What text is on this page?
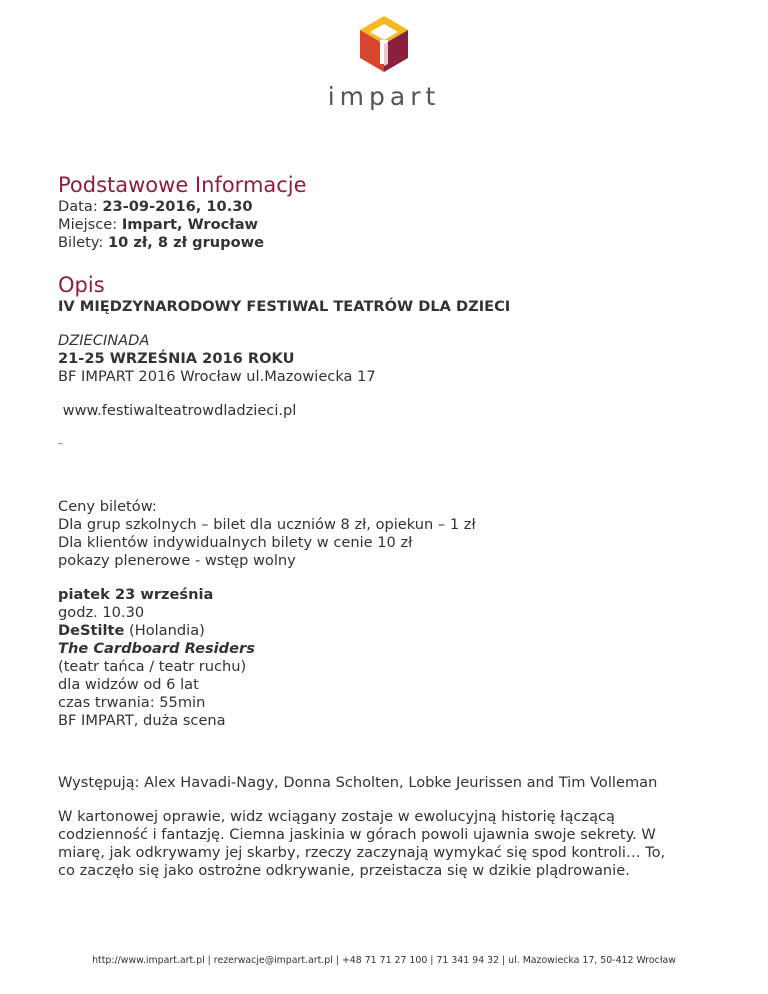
impart
Podstawowe Informacje
Data: 23-09-2016, 10.30
Miejsce: Impart, Wrocław
Bilety: 10 zł, 8 zł grupowe
Opis
IV MIĘDZYNARODOWY FESTIWAL TEATRÓW DLA DZIECI
DZIECINADA
21-25 WRZEŚNIA 2016 ROKU
BF IMPART 2016 Wrocław ul.Mazowiecka 17
www.festiwalteatrowdladzieci.pl
_
Ceny biletów:
Dla grup szkolnych – bilet dla uczniów 8 zł, opiekun – 1 zł
Dla klientów indywidualnych bilety w cenie 10 zł
pokazy plenerowe - wstęp wolny
piatek 23 września
godz. 10.30
DeStilte (Holandia)
The Cardboard Residers
(teatr tańca / teatr ruchu)
dla widzów od 6 lat
czas trwania: 55min
BF IMPART, duża scena
Występują: Alex Havadi-Nagy, Donna Scholten, Lobke Jeurissen and Tim Volleman
W kartonowej oprawie, widz wciągany zostaje w ewolucyjną historię łączącą
codzienność i fantazję. Ciemna jaskinia w górach powoli ujawnia swoje sekrety. W
miarę, jak odkrywamy jej skarby, rzeczy zaczynają wymykać się spod kontroli… To,
co zaczęło się jako ostrożne odkrywanie, przeistacza się w dzikie plądrowanie.
http://www.impart.art.pl | rezerwacje@impart.art.pl | +48 71 71 27 100 | 71 341 94 32 | ul. Mazowiecka 17, 50-412 Wrocław
